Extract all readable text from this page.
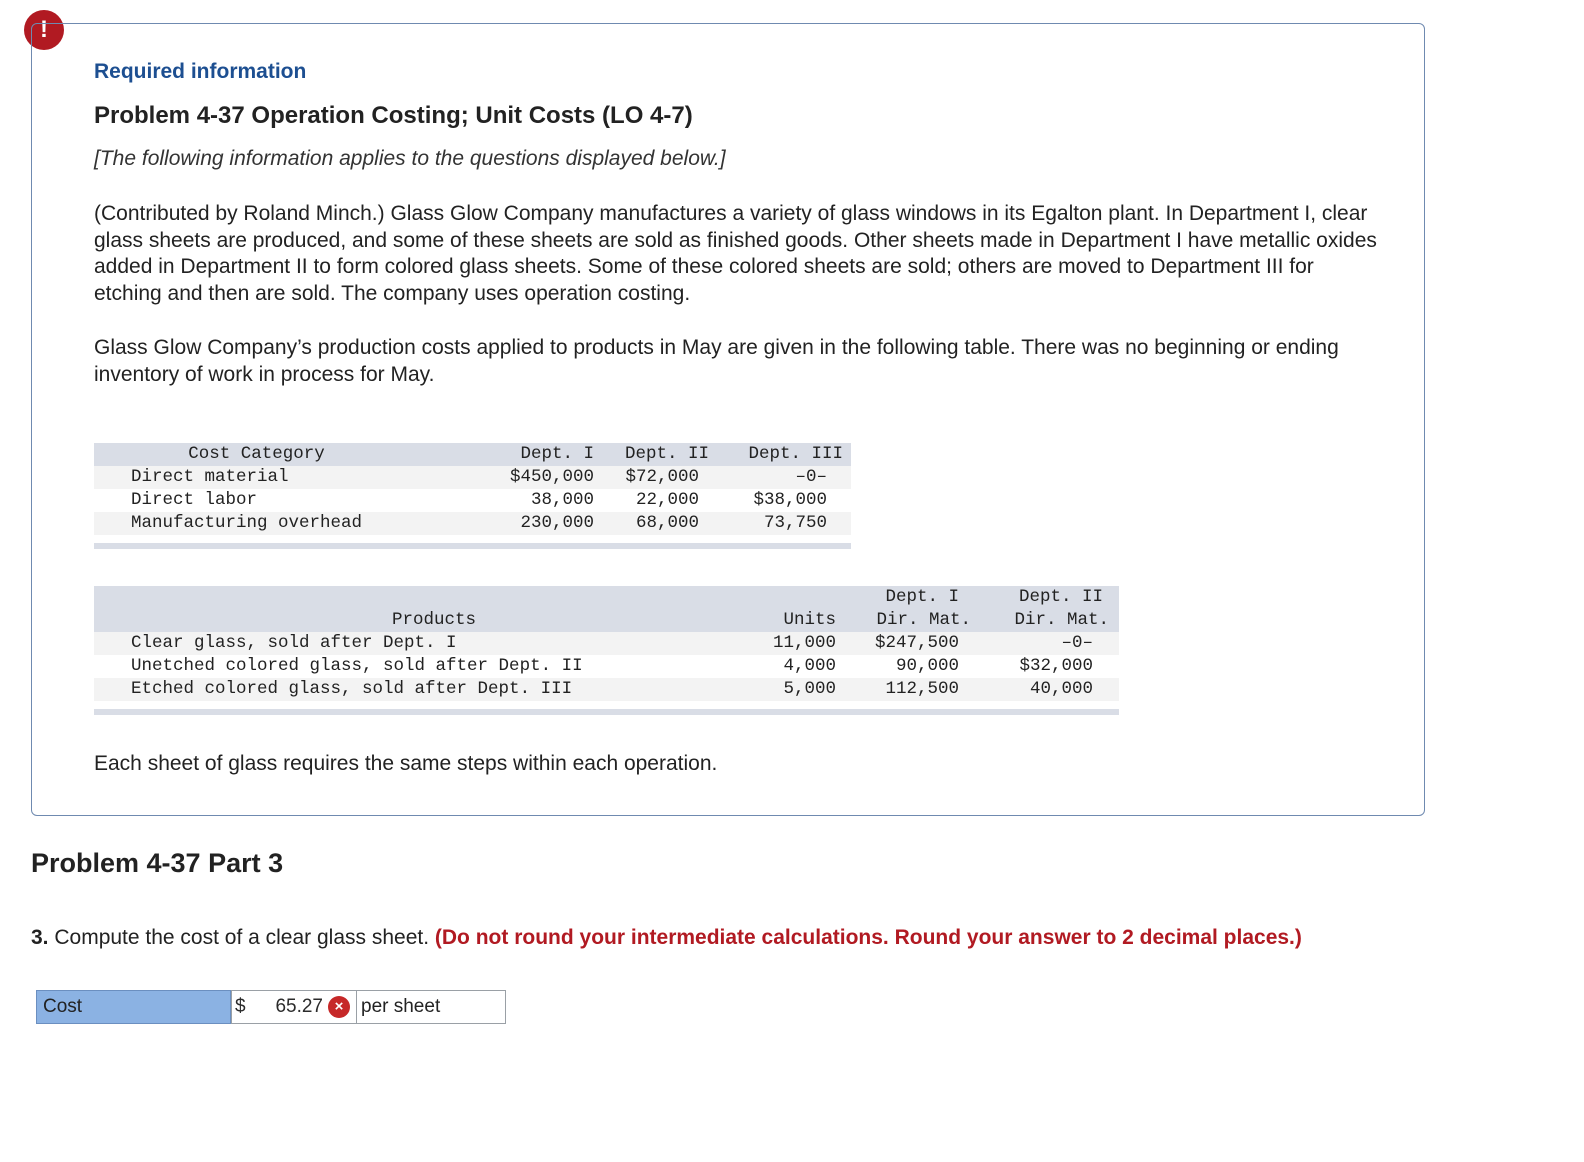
!
Required information
Problem 4-37 Operation Costing; Unit Costs (LO 4-7)
[The following information applies to the questions displayed below.]
(Contributed by Roland Minch.) Glass Glow Company manufactures a variety of glass windows in its Egalton plant. In Department I, clear glass sheets are produced, and some of these sheets are sold as finished goods. Other sheets made in Department I have metallic oxides added in Department II to form colored glass sheets. Some of these colored sheets are sold; others are moved to Department III for etching and then are sold. The company uses operation costing.
Glass Glow Company’s production costs applied to products in May are given in the following table. There was no beginning or ending inventory of work in process for May.
Cost Category	Dept. I	Dept. II	Dept. III
Direct material	$450,000	$72,000	–0–
Direct labor	38,000	22,000	$38,000
Manufacturing overhead	230,000	68,000	73,750
		Dept. I	Dept. II
Products	Units	Dir. Mat.	Dir. Mat.
Clear glass, sold after Dept. I	11,000	$247,500	–0–
Unetched colored glass, sold after Dept. II	4,000	90,000	$32,000
Etched colored glass, sold after Dept. III	5,000	112,500	40,000
Each sheet of glass requires the same steps within each operation.
Problem 4-37 Part 3
3. Compute the cost of a clear glass sheet. (Do not round your intermediate calculations. Round your answer to 2 decimal places.)
Cost	$ 65.27 × per sheet
